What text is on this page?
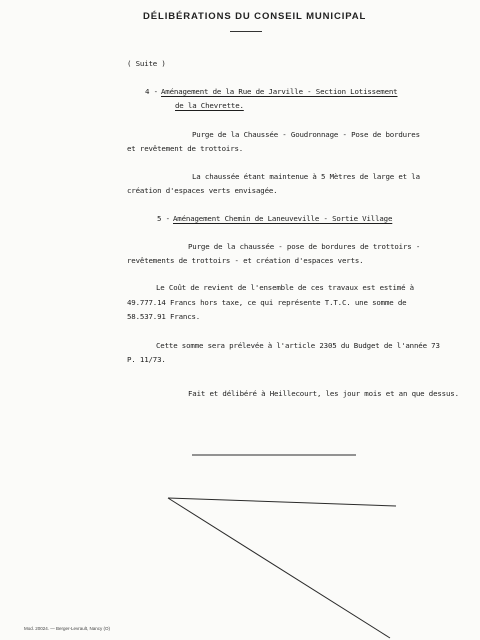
DÉLIBÉRATIONS DU CONSEIL MUNICIPAL
( Suite )
4 - Aménagement de la Rue de Jarville - Section Lotissement
de la Chevrette.
Purge de la Chaussée - Goudronnage - Pose de bordures
et revêtement de trottoirs.
La chaussée étant maintenue à 5 Mètres de large et la
création d'espaces verts envisagée.
5 - Aménagement Chemin de Laneuveville - Sortie Village
Purge de la chaussée - pose de bordures de trottoirs -
revêtements de trottoirs - et création d'espaces verts.
Le Coût de revient de l'ensemble de ces travaux est estimé à
49.777.14 Francs hors taxe, ce qui représente T.T.C. une somme de
58.537.91 Francs.
Cette somme sera prélevée à l'article 2305 du Budget de l'année 73
P. 11/73.
Fait et délibéré à Heillecourt, les jour mois et an que dessus.
Mod. 20024. — Berger-Levrault, Nancy (O)
